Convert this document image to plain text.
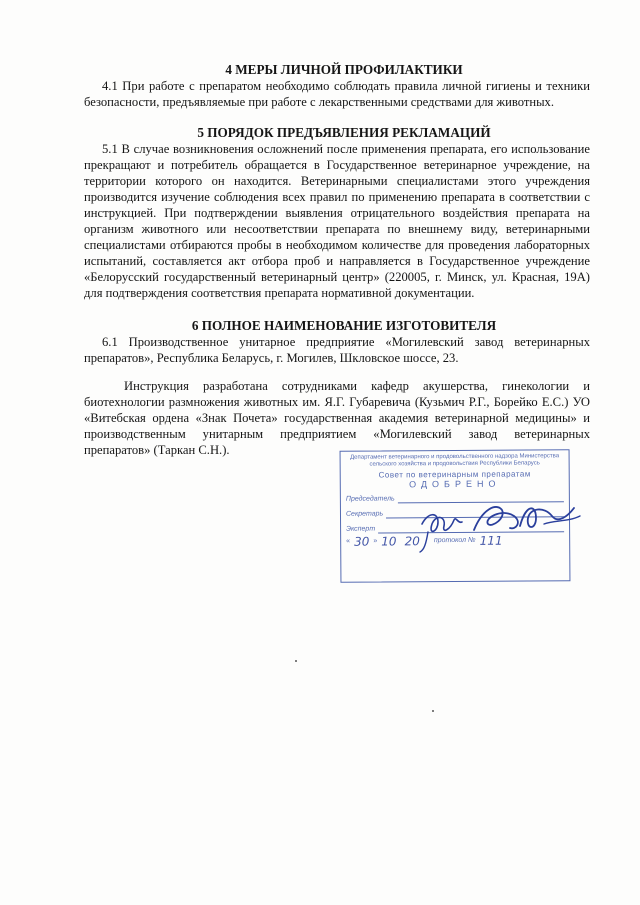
4 МЕРЫ ЛИЧНОЙ ПРОФИЛАКТИКИ

4.1 При работе с препаратом необходимо соблюдать правила личной гигиены и техники безопасности, предъявляемые при работе с лекарственными средствами для животных.

5 ПОРЯДОК ПРЕДЪЯВЛЕНИЯ РЕКЛАМАЦИЙ

5.1 В случае возникновения осложнений после применения препарата, его использование прекращают и потребитель обращается в Государственное ветеринарное учреждение, на территории которого он находится. Ветеринарными специалистами этого учреждения производится изучение соблюдения всех правил по применению препарата в соответствии с инструкцией. При подтверждении выявления отрицательного воздействия препарата на организм животного или несоответствии препарата по внешнему виду, ветеринарными специалистами отбираются пробы в необходимом количестве для проведения лабораторных испытаний, составляется акт отбора проб и направляется в Государственное учреждение «Белорусский государственный ветеринарный центр» (220005, г. Минск, ул. Красная, 19А) для подтверждения соответствия препарата нормативной документации.

6 ПОЛНОЕ НАИМЕНОВАНИЕ ИЗГОТОВИТЕЛЯ

6.1 Производственное унитарное предприятие «Могилевский завод ветеринарных препаратов», Республика Беларусь, г. Могилев, Шкловское шоссе, 23.

Инструкция разработана сотрудниками кафедр акушерства, гинекологии и биотехнологии размножения животных им. Я.Г. Губаревича (Кузьмич Р.Г., Борейко Е.С.) УО «Витебская ордена «Знак Почета» государственная академия ветеринарной медицины» и производственным унитарным предприятием «Могилевский завод ветеринарных препаратов» (Таркан С.Н.).

Департамент ветеринарного и продовольственного надзора Министерства сельского хозяйства и продовольствия Республики Беларусь
Совет по ветеринарным препаратам
ОДОБРЕНО
Председатель
Секретарь
Эксперт
« 30 » 10 20 протокол № 111
